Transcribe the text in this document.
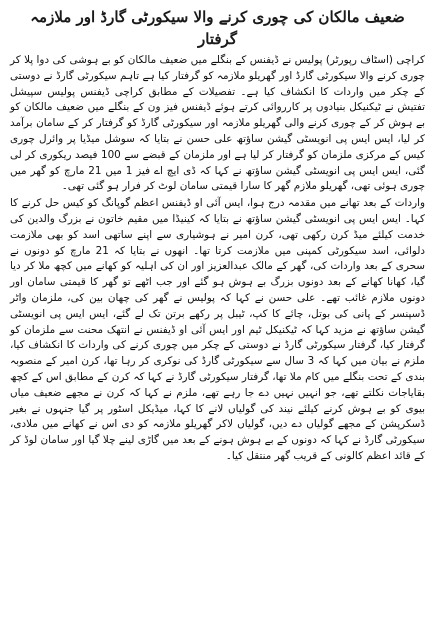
ضعیف مالکان کی چوری کرنے والا سیکورٹی گارڈ اور ملازمہ گرفتار

کراچی (اسٹاف رپورٹر) پولیس نے ڈیفنس کے بنگلے میں ضعیف مالکان کو بے ہوشی کی دوا پلا کر چوری کرنے والا سیکورٹی گارڈ اور گھریلو ملازمہ کو گرفتار کیا ہے تاہم سیکورٹی گارڈ نے دوستی کے چکر میں واردات کا انکشاف کیا ہے۔ تفصیلات کے مطابق کراچی ڈیفنس پولیس سپیشل تفتیش نے ٹیکنیکل بنیادوں پر کارروائی کرتے ہوئے ڈیفنس فیز ون کے بنگلے میں ضعیف مالکان کو بے ہوش کر کے چوری کرنے والی گھریلو ملازمہ اور سیکورٹی گارڈ کو گرفتار کر کے سامان برآمد کر لیا، ایس ایس پی انویسٹی گیشن ساؤتھ علی حسن نے بتایا کہ سوشل میڈیا پر وائرل چوری کیس کے مرکزی ملزمان کو گرفتار کر لیا ہے اور ملزمان کے قبضے سے 100 فیصد ریکوری کر لی گئی، ایس ایس پی انویسٹی گیشن ساؤتھ نے کہا کہ ڈی ایچ اے فیز 1 میں 21 مارچ کو گھر میں چوری ہوئی تھی، گھریلو ملازم گھر کا سارا قیمتی سامان لوٹ کر فرار ہو گئی تھی۔

واردات کے بعد تھانے میں مقدمہ درج ہوا، ایس آئی او ڈیفنس اعظم گوپانگ کو کیس حل کرنے کا کہا۔ ایس ایس پی انویسٹی گیشن ساؤتھ نے بتایا کہ کینیڈا میں مقیم خاتون نے بزرگ والدین کی خدمت کیلئے میڈ کرن رکھی تھی، کرن امیر نے ہوشیاری سے اپنے ساتھی اسد کو بھی ملازمت دلوائی، اسد سیکورٹی کمپنی میں ملازمت کرتا تھا۔ انھوں نے بتایا کہ 21 مارچ کو دونوں نے سحری کے بعد واردات کی، گھر کے مالک عبدالعزیز اور ان کی اہلیہ کو کھانے میں کچھ ملا کر دیا گیا، کھانا کھانے کے بعد دونوں بزرگ بے ہوش ہو گئے اور جب اٹھے تو گھر کا قیمتی سامان اور دونوں ملازم غائب تھے۔ علی حسن نے کہا کہ پولیس نے گھر کی چھان بین کی، ملزمان واٹر ڈسپنسر کے پانی کی بوتل، چائے کا کپ، ٹیبل پر رکھے برتن تک لے گئے، ایس ایس پی انویسٹی گیشن ساؤتھ نے مزید کہا کہ ٹیکنیکل ٹیم اور ایس آئی او ڈیفنس نے انتھک محنت سے ملزمان کو گرفتار کیا، گرفتار سیکورٹی گارڈ نے دوستی کے چکر میں چوری کرنے کی واردات کا انکشاف کیا، ملزم نے بیان میں کہا کہ 3 سال سے سیکورٹی گارڈ کی نوکری کر رہا تھا، کرن امیر کے منصوبہ بندی کے تحت بنگلے میں کام ملا تھا، گرفتار سیکورٹی گارڈ نے کہا کہ کرن کے مطابق اس کے کچھ بقایاجات نکلتے تھے، جو انہیں نہیں دے جا رہے تھے، ملزم نے کہا کہ کرن نے مجھے ضعیف میاں بیوی کو بے ہوش کرنے کیلئے نیند کی گولیاں لانے کا کہا، میڈیکل اسٹور پر گیا جنہوں نے بغیر ڈسکرپشن کے مجھے گولیاں دے دیں، گولیاں لاکر گھریلو ملازمہ کو دی اس نے کھانے میں ملادی، سیکورٹی گارڈ نے کہا کہ دونوں کے بے ہوش ہونے کے بعد میں گاڑی لینے چلا گیا اور سامان لوڈ کر کے قائد اعظم کالونی کے قریب گھر منتقل کیا۔
